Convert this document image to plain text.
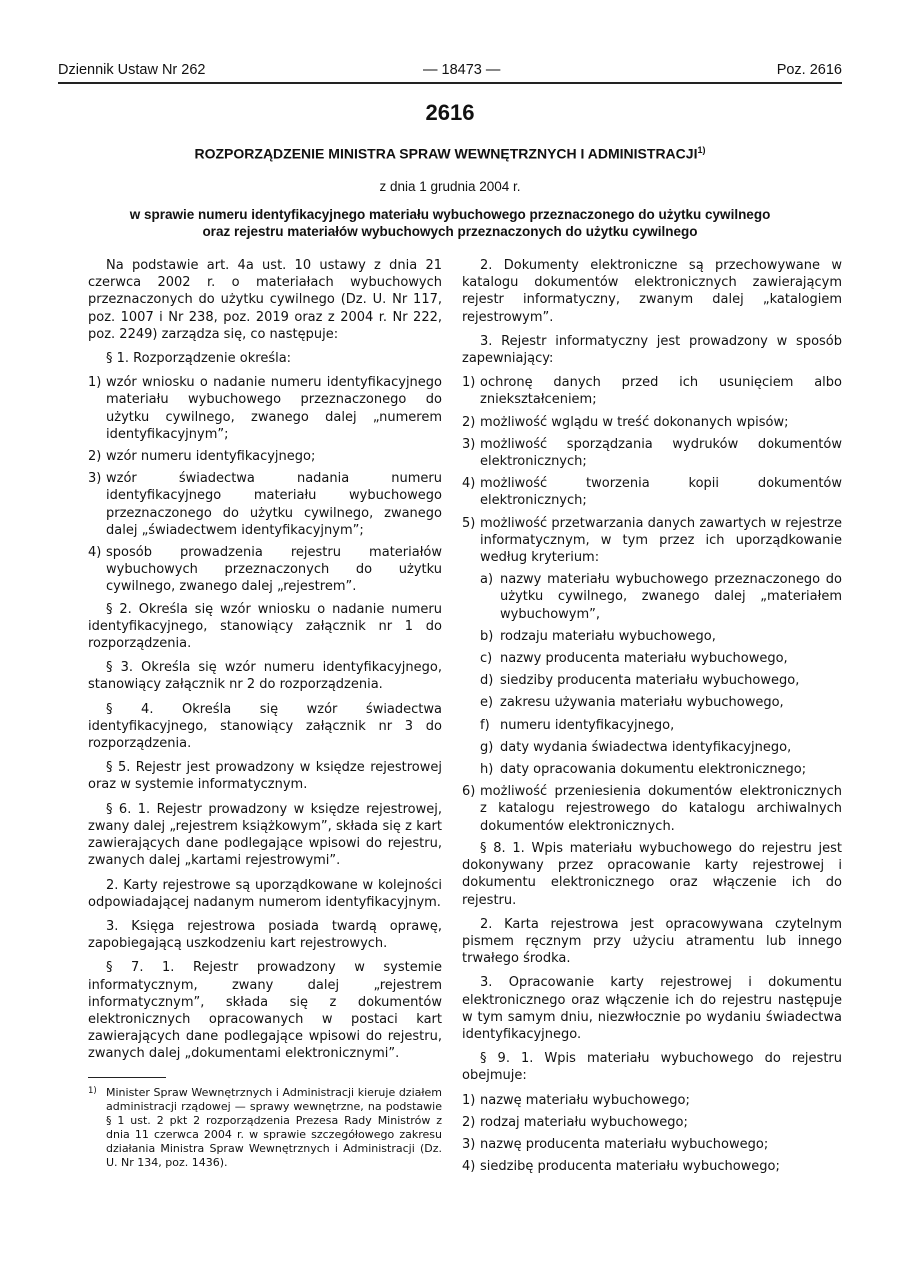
Dziennik Ustaw Nr 262	— 18473 —	Poz. 2616
2616
ROZPORZĄDZENIE MINISTRA SPRAW WEWNĘTRZNYCH I ADMINISTRACJI$^{1)}$
z dnia 1 grudnia 2004 r.
w sprawie numeru identyfikacyjnego materiału wybuchowego przeznaczonego do użytku cywilnego
oraz rejestru materiałów wybuchowych przeznaczonych do użytku cywilnego
Na podstawie art. 4a ust. 10 ustawy z dnia 21 czerwca 2002 r. o materiałach wybuchowych przeznaczonych do użytku cywilnego (Dz. U. Nr 117, poz. 1007 i Nr 238, poz. 2019 oraz z 2004 r. Nr 222, poz. 2249) zarządza się, co następuje:
§ 1. Rozporządzenie określa:
1) wzór wniosku o nadanie numeru identyfikacyjnego materiału wybuchowego przeznaczonego do użytku cywilnego, zwanego dalej „numerem identyfikacyjnym”;
2) wzór numeru identyfikacyjnego;
3) wzór świadectwa nadania numeru identyfikacyjnego materiału wybuchowego przeznaczonego do użytku cywilnego, zwanego dalej „świadectwem identyfikacyjnym”;
4) sposób prowadzenia rejestru materiałów wybuchowych przeznaczonych do użytku cywilnego, zwanego dalej „rejestrem”.
§ 2. Określa się wzór wniosku o nadanie numeru identyfikacyjnego, stanowiący załącznik nr 1 do rozporządzenia.
§ 3. Określa się wzór numeru identyfikacyjnego, stanowiący załącznik nr 2 do rozporządzenia.
§ 4. Określa się wzór świadectwa identyfikacyjnego, stanowiący załącznik nr 3 do rozporządzenia.
§ 5. Rejestr jest prowadzony w księdze rejestrowej oraz w systemie informatycznym.
§ 6. 1. Rejestr prowadzony w księdze rejestrowej, zwany dalej „rejestrem książkowym”, składa się z kart zawierających dane podlegające wpisowi do rejestru, zwanych dalej „kartami rejestrowymi”.
2. Karty rejestrowe są uporządkowane w kolejności odpowiadającej nadanym numerom identyfikacyjnym.
3. Księga rejestrowa posiada twardą oprawę, zapobiegającą uszkodzeniu kart rejestrowych.
§ 7. 1. Rejestr prowadzony w systemie informatycznym, zwany dalej „rejestrem informatycznym”, składa się z dokumentów elektronicznych opracowanych w postaci kart zawierających dane podlegające wpisowi do rejestru, zwanych dalej „dokumentami elektronicznymi”.
1) Minister Spraw Wewnętrznych i Administracji kieruje działem administracji rządowej — sprawy wewnętrzne, na podstawie § 1 ust. 2 pkt 2 rozporządzenia Prezesa Rady Ministrów z dnia 11 czerwca 2004 r. w sprawie szczegółowego zakresu działania Ministra Spraw Wewnętrznych i Administracji (Dz. U. Nr 134, poz. 1436).
2. Dokumenty elektroniczne są przechowywane w katalogu dokumentów elektronicznych zawierającym rejestr informatyczny, zwanym dalej „katalogiem rejestrowym”.
3. Rejestr informatyczny jest prowadzony w sposób zapewniający:
1) ochronę danych przed ich usunięciem albo zniekształceniem;
2) możliwość wglądu w treść dokonanych wpisów;
3) możliwość sporządzania wydruków dokumentów elektronicznych;
4) możliwość tworzenia kopii dokumentów elektronicznych;
5) możliwość przetwarzania danych zawartych w rejestrze informatycznym, w tym przez ich uporządkowanie według kryterium:
a) nazwy materiału wybuchowego przeznaczonego do użytku cywilnego, zwanego dalej „materiałem wybuchowym”,
b) rodzaju materiału wybuchowego,
c) nazwy producenta materiału wybuchowego,
d) siedziby producenta materiału wybuchowego,
e) zakresu używania materiału wybuchowego,
f) numeru identyfikacyjnego,
g) daty wydania świadectwa identyfikacyjnego,
h) daty opracowania dokumentu elektronicznego;
6) możliwość przeniesienia dokumentów elektronicznych z katalogu rejestrowego do katalogu archiwalnych dokumentów elektronicznych.
§ 8. 1. Wpis materiału wybuchowego do rejestru jest dokonywany przez opracowanie karty rejestrowej i dokumentu elektronicznego oraz włączenie ich do rejestru.
2. Karta rejestrowa jest opracowywana czytelnym pismem ręcznym przy użyciu atramentu lub innego trwałego środka.
3. Opracowanie karty rejestrowej i dokumentu elektronicznego oraz włączenie ich do rejestru następuje w tym samym dniu, niezwłocznie po wydaniu świadectwa identyfikacyjnego.
§ 9. 1. Wpis materiału wybuchowego do rejestru obejmuje:
1) nazwę materiału wybuchowego;
2) rodzaj materiału wybuchowego;
3) nazwę producenta materiału wybuchowego;
4) siedzibę producenta materiału wybuchowego;
